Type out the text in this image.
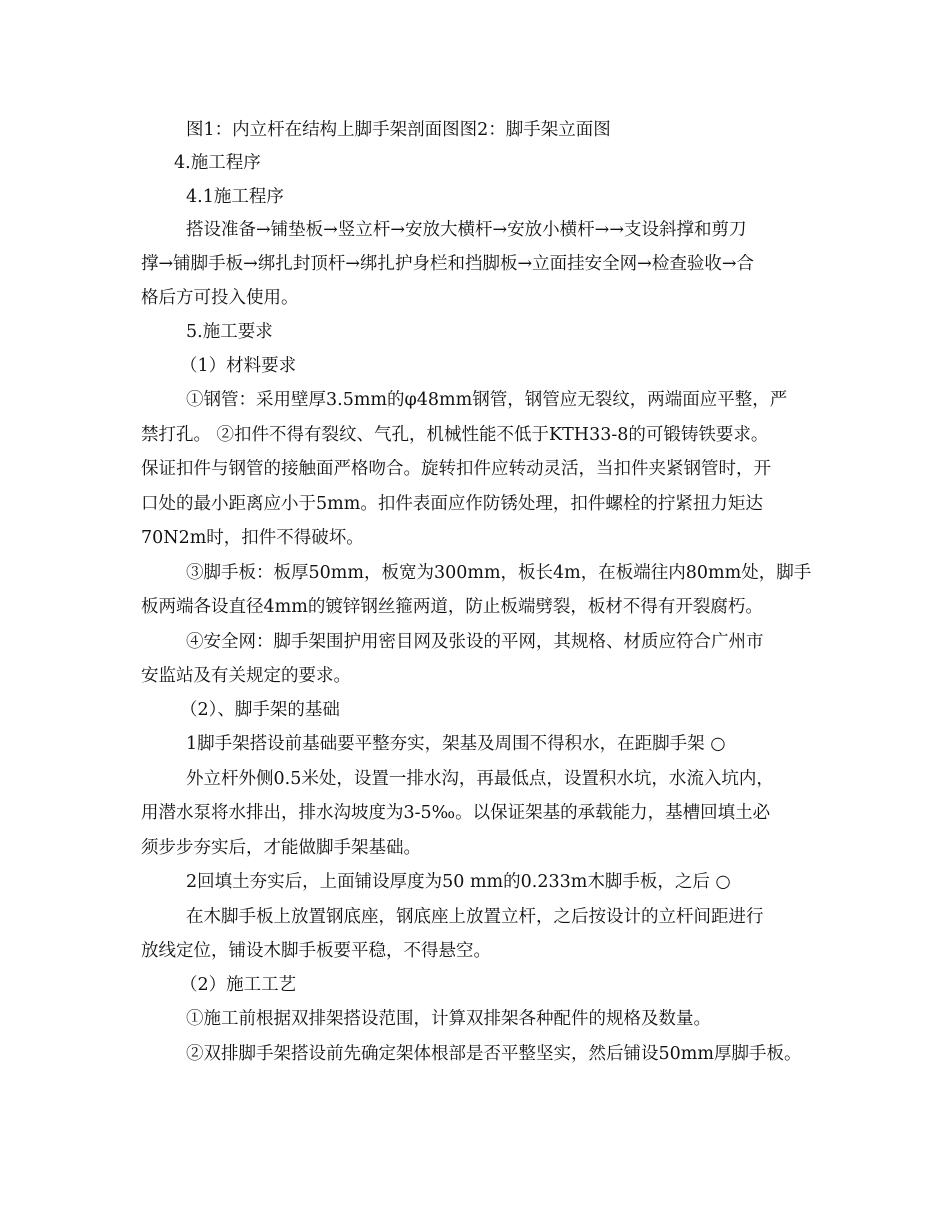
图1：内立杆在结构上脚手架剖面图图2：脚手架立面图

4.施工程序

4.1施工程序

搭设准备→铺垫板→竖立杆→安放大横杆→安放小横杆→→支设斜撑和剪刀

撑→铺脚手板→绑扎封顶杆→绑扎护身栏和挡脚板→立面挂安全网→检查验收→合

格后方可投入使用。

5.施工要求

（1）材料要求

①钢管：采用壁厚3.5mm的φ48mm钢管，钢管应无裂纹，两端面应平整，严

禁打孔。 ②扣件不得有裂纹、气孔，机械性能不低于KTH33-8的可锻铸铁要求。

保证扣件与钢管的接触面严格吻合。旋转扣件应转动灵活，当扣件夹紧钢管时，开

口处的最小距离应小于5mm。扣件表面应作防锈处理，扣件螺栓的拧紧扭力矩达

70N2m时，扣件不得破坏。

③脚手板：板厚50mm，板宽为300mm，板长4m，在板端往内80mm处，脚手

板两端各设直径4mm的镀锌钢丝箍两道，防止板端劈裂，板材不得有开裂腐朽。

④安全网：脚手架围护用密目网及张设的平网，其规格、材质应符合广州市

安监站及有关规定的要求。

（2）、脚手架的基础

1脚手架搭设前基础要平整夯实，架基及周围不得积水，在距脚手架 ○

外立杆外侧0.5米处，设置一排水沟，再最低点，设置积水坑，水流入坑内，

用潜水泵将水排出，排水沟坡度为3-5‰。以保证架基的承载能力，基槽回填土必

须步步夯实后，才能做脚手架基础。

2回填土夯实后，上面铺设厚度为50 mm的0.233m木脚手板，之后 ○

在木脚手板上放置钢底座，钢底座上放置立杆，之后按设计的立杆间距进行

放线定位，铺设木脚手板要平稳，不得悬空。

（2）施工工艺

①施工前根据双排架搭设范围，计算双排架各种配件的规格及数量。

②双排脚手架搭设前先确定架体根部是否平整坚实，然后铺设50mm厚脚手板。
